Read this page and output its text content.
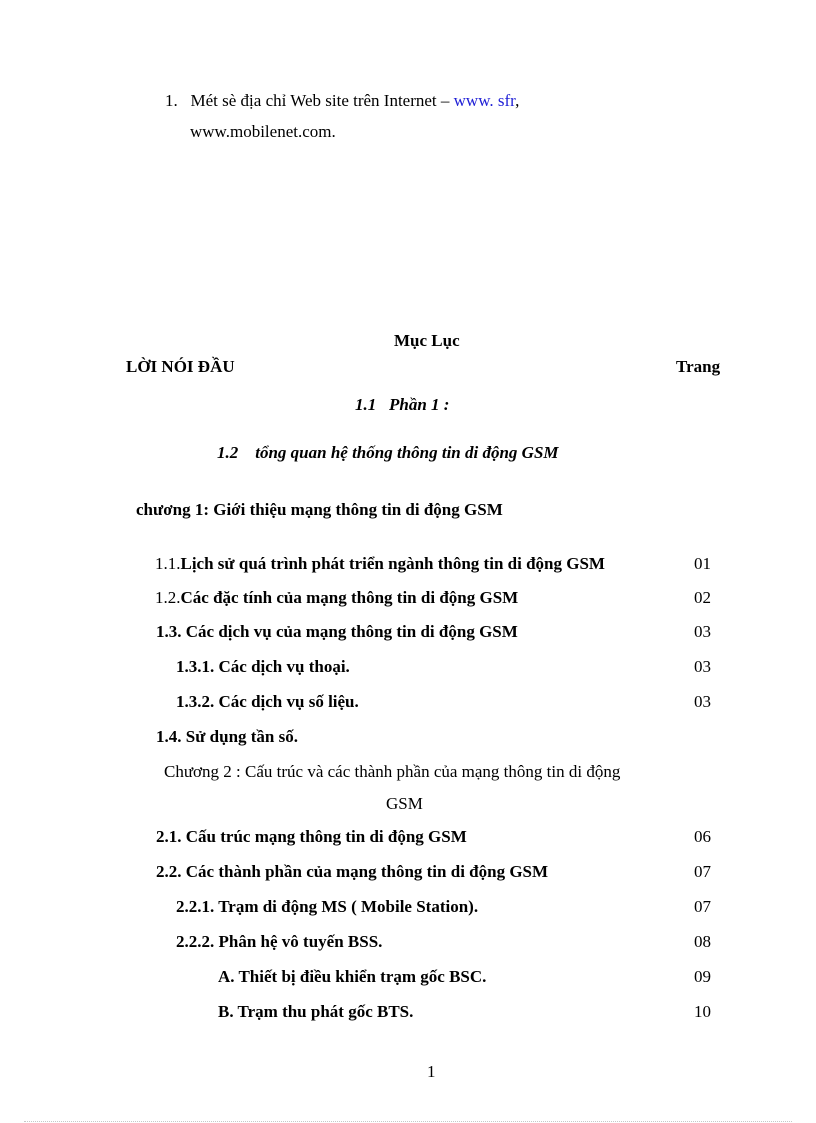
1. Mét sè địa chỉ Web site trên Internet – www. sfr,
www.mobilenet.com.
Mục Lục
LỜI NÓI ĐẦU	Trang
1.1 Phần 1 :
1.2 tổng quan hệ thống thông tin di động GSM
chương 1: Giới thiệu mạng thông tin di động GSM
1.1.Lịch sử quá trình phát triển ngành thông tin di động GSM	01
1.2.Các đặc tính của mạng thông tin di động GSM	02
1.3. Các dịch vụ của mạng thông tin di động GSM	03
1.3.1. Các dịch vụ thoại.	03
1.3.2. Các dịch vụ số liệu.	03
1.4. Sử dụng tần số.
Chương 2 : Cấu trúc và các thành phần của mạng thông tin di động
GSM
2.1. Cấu trúc mạng thông tin di động GSM	06
2.2. Các thành phần của mạng thông tin di động GSM	07
2.2.1. Trạm di động MS ( Mobile Station).	07
2.2.2. Phân hệ vô tuyến BSS.	08
A. Thiết bị điều khiển trạm gốc BSC.	09
B. Trạm thu phát gốc BTS.	10
1
